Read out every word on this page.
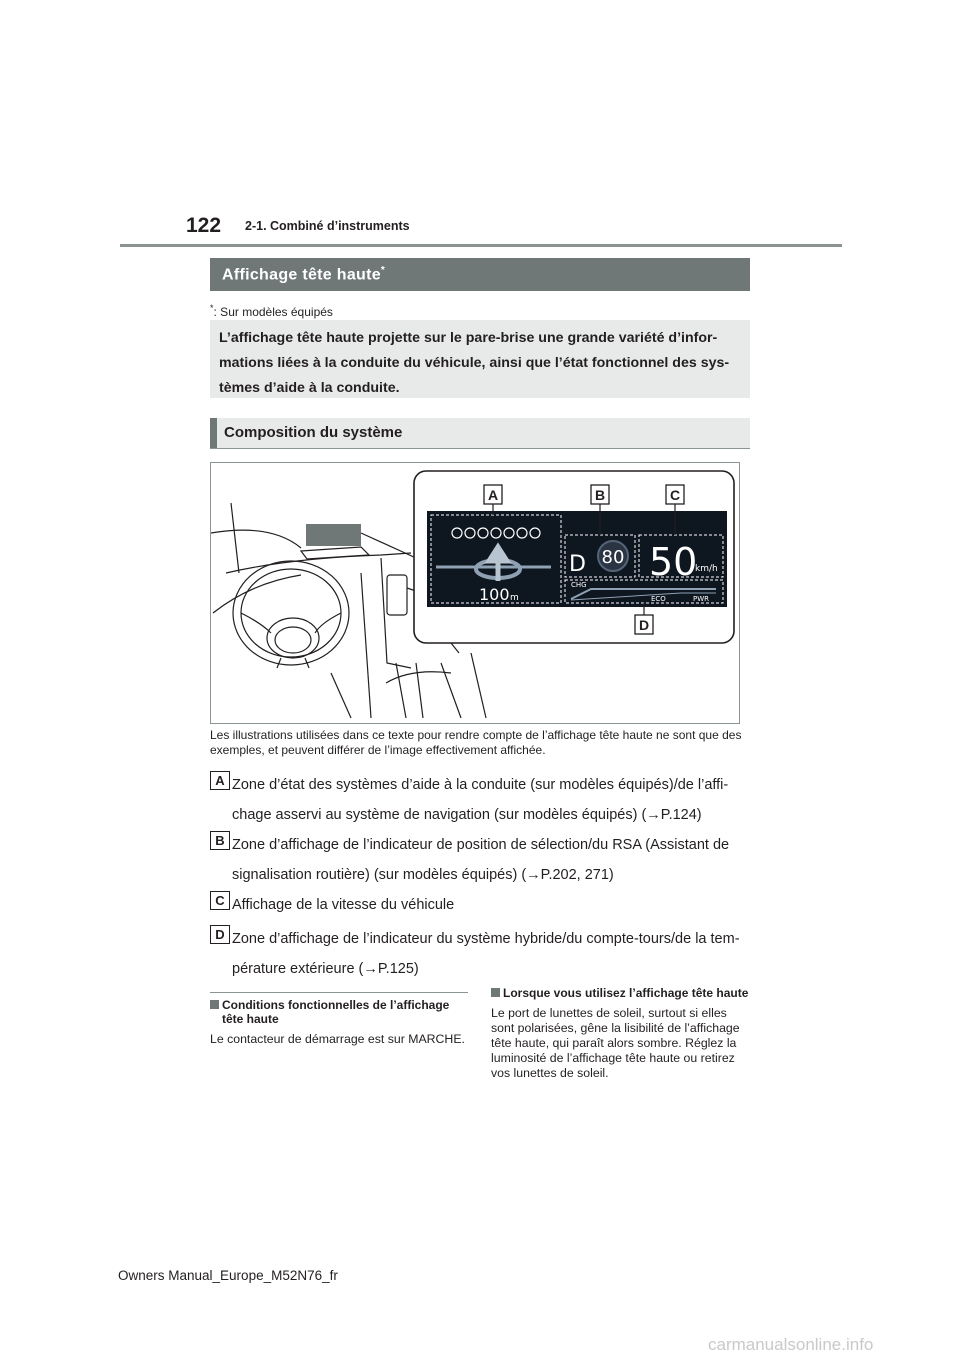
122 2-1. Combiné d’instruments
Affichage tête haute*
*: Sur modèles équipés
L’affichage tête haute projette sur le pare-brise une grande variété d’informations liées à la conduite du véhicule, ainsi que l’état fonctionnel des systèmes d’aide à la conduite.
Composition du système
80
D 50
km/h
CHG
ECO	PWR
100 m
A	B	C
D
Les illustrations utilisées dans ce texte pour rendre compte de l’affichage tête haute ne sont que des exemples, et peuvent différer de l’image effectivement affichée.
A Zone d’état des systèmes d’aide à la conduite (sur modèles équipés)/de l’affichage asservi au système de navigation (sur modèles équipés) (→P.124)
B Zone d’affichage de l’indicateur de position de sélection/du RSA (Assistant de signalisation routière) (sur modèles équipés) (→P.202, 271)
C Affichage de la vitesse du véhicule
D Zone d’affichage de l’indicateur du système hybride/du compte-tours/de la température extérieure (→P.125)
Conditions fonctionnelles de l’affichage tête haute
Le contacteur de démarrage est sur MARCHE.
Lorsque vous utilisez l’affichage tête haute
Le port de lunettes de soleil, surtout si elles sont polarisées, gêne la lisibilité de l’affichage tête haute, qui paraît alors sombre. Réglez la luminosité de l’affichage tête haute ou retirez vos lunettes de soleil.
Owners Manual_Europe_M52N76_fr
carmanualsonline.info
